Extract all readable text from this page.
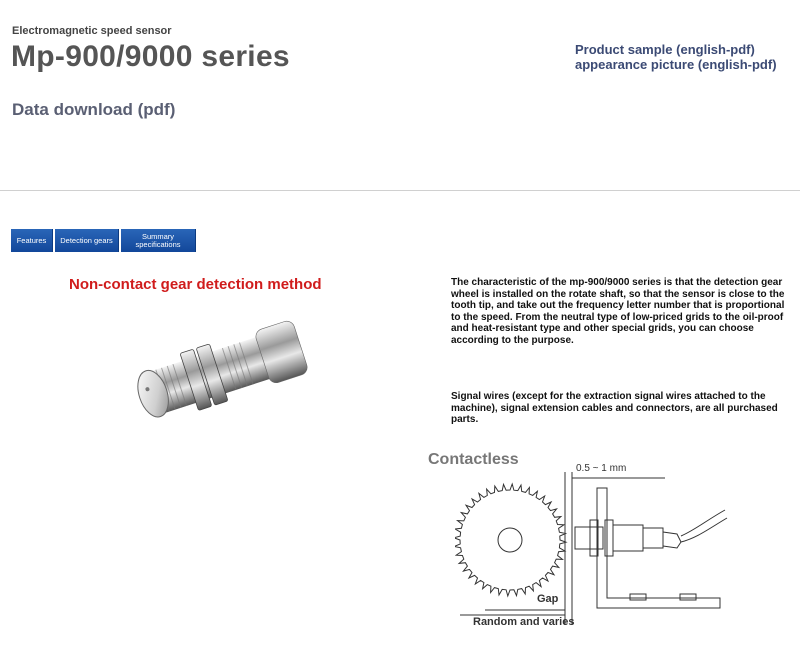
Electromagnetic speed sensor
Mp-900/9000 series
Data download (pdf)
Product sample (english-pdf)
appearance picture (english-pdf)
Features	Detection gears	Summary specifications
Non-contact gear detection method	The characteristic of the mp-900/9000 series is that the detection gear wheel is installed on the rotate shaft, so that the sensor is close to the tooth tip, and take out the frequency letter number that is proportional to the speed. From the neutral type of low-priced grids to the oil-proof and heat-resistant type and other special grids, you can choose according to the purpose.
Signal wires (except for the extraction signal wires attached to the machine), signal extension cables and connectors, are all purchased parts.
Contactless
0.5 ~ 1 mm
Gap
Random and varies
